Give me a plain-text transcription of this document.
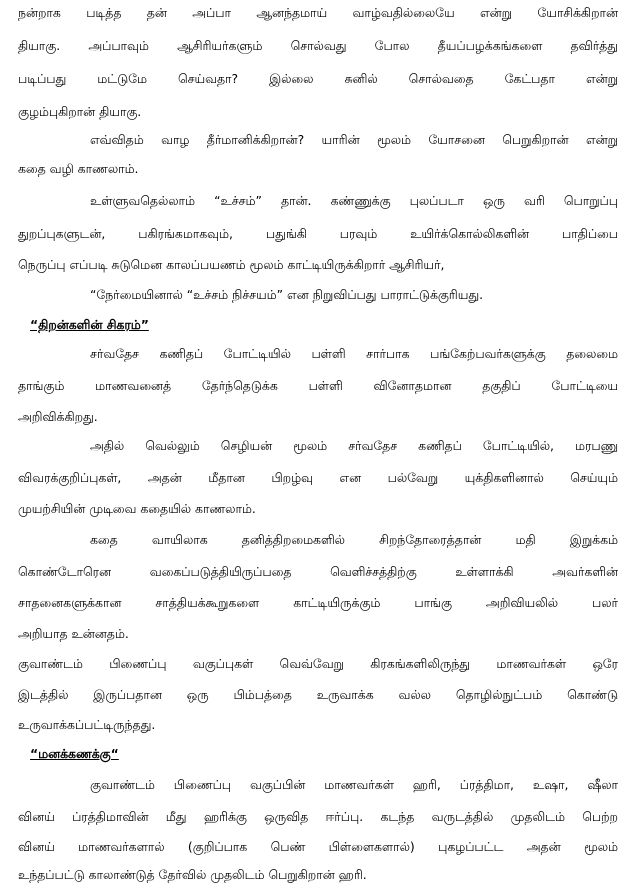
நன்றாக படித்த தன் அப்பா ஆனந்தமாய் வாழ்வதில்லையே என்று யோசிக்கிறான்
தியாகு. அப்பாவும் ஆசிரியர்களும் சொல்வது போல தீயப்பழக்கங்களை தவிர்த்து
படிப்பது மட்டுமே செய்வதா? இல்லை சுனில் சொல்வதை கேட்பதா என்று
குழம்புகிறான் தியாகு.
எவ்விதம் வாழ தீர்மானிக்கிறான்? யாரின் மூலம் யோசனை பெறுகிறான் என்று
கதை வழி காணலாம்.
உள்ளுவதெல்லாம் “உச்சம்” தான். கண்ணுக்கு புலப்படா ஒரு வரி பொறுப்பு
துறப்புகளுடன், பகிரங்கமாகவும், பதுங்கி பரவும் உயிர்க்கொல்லிகளின் பாதிப்பை
நெருப்பு எப்படி சுடுமென காலப்பயணம் மூலம் காட்டியிருக்கிறார் ஆசிரியர்,
“நேர்மையினால் “உச்சம் நிச்சயம்” என நிறுவிப்பது பாராட்டுக்குரியது.
“திறன்களின் சிகரம்”
சர்வதேச கணிதப் போட்டியில் பள்ளி சார்பாக பங்கேற்பவர்களுக்கு தலைமை
தாங்கும் மாணவனைத் தேர்ந்தெடுக்க பள்ளி வினோதமான தகுதிப் போட்டியை
அறிவிக்கிறது.
அதில் வெல்லும் செழியன் மூலம் சர்வதேச கணிதப் போட்டியில், மரபணு
விவரக்குறிப்புகள், அதன் மீதான பிறழ்வு என பல்வேறு யுக்திகளினால் செய்யும்
முயற்சியின் முடிவை கதையில் காணலாம்.
கதை வாயிலாக தனித்திறமைகளில் சிறந்தோரைத்தான் மதி இறுக்கம்
கொண்டோரென வகைப்படுத்தியிருப்பதை வெளிச்சத்திற்கு உள்ளாக்கி அவர்களின்
சாதனைகளுக்கான சாத்தியக்கூறுகளை காட்டியிருக்கும் பாங்கு அறிவியலில் பலர்
அறியாத உன்னதம்.
குவாண்டம் பிணைப்பு வகுப்புகள் வெவ்வேறு கிரகங்களிலிருந்து மாணவர்கள் ஒரே
இடத்தில் இருப்பதான ஒரு பிம்பத்தை உருவாக்க வல்ல தொழில்நுட்பம் கொண்டு
உருவாக்கப்பட்டிருந்தது.
“மனக்கணக்கு“
குவாண்டம் பிணைப்பு வகுப்பின் மாணவர்கள் ஹரி, ப்ரத்திமா, உஷா, ஷீலா
வினய் ப்ரத்திமாவின் மீது ஹரிக்கு ஒருவித ஈர்ப்பு. கடந்த வருடத்தில் முதலிடம் பெற்ற
வினய் மாணவர்களால் (குறிப்பாக பெண் பிள்ளைகளால்) புகழப்பட்ட அதன் மூலம்
உந்தப்பட்டு காலாண்டுத் தேர்வில் முதலிடம் பெறுகிறான் ஹரி.
